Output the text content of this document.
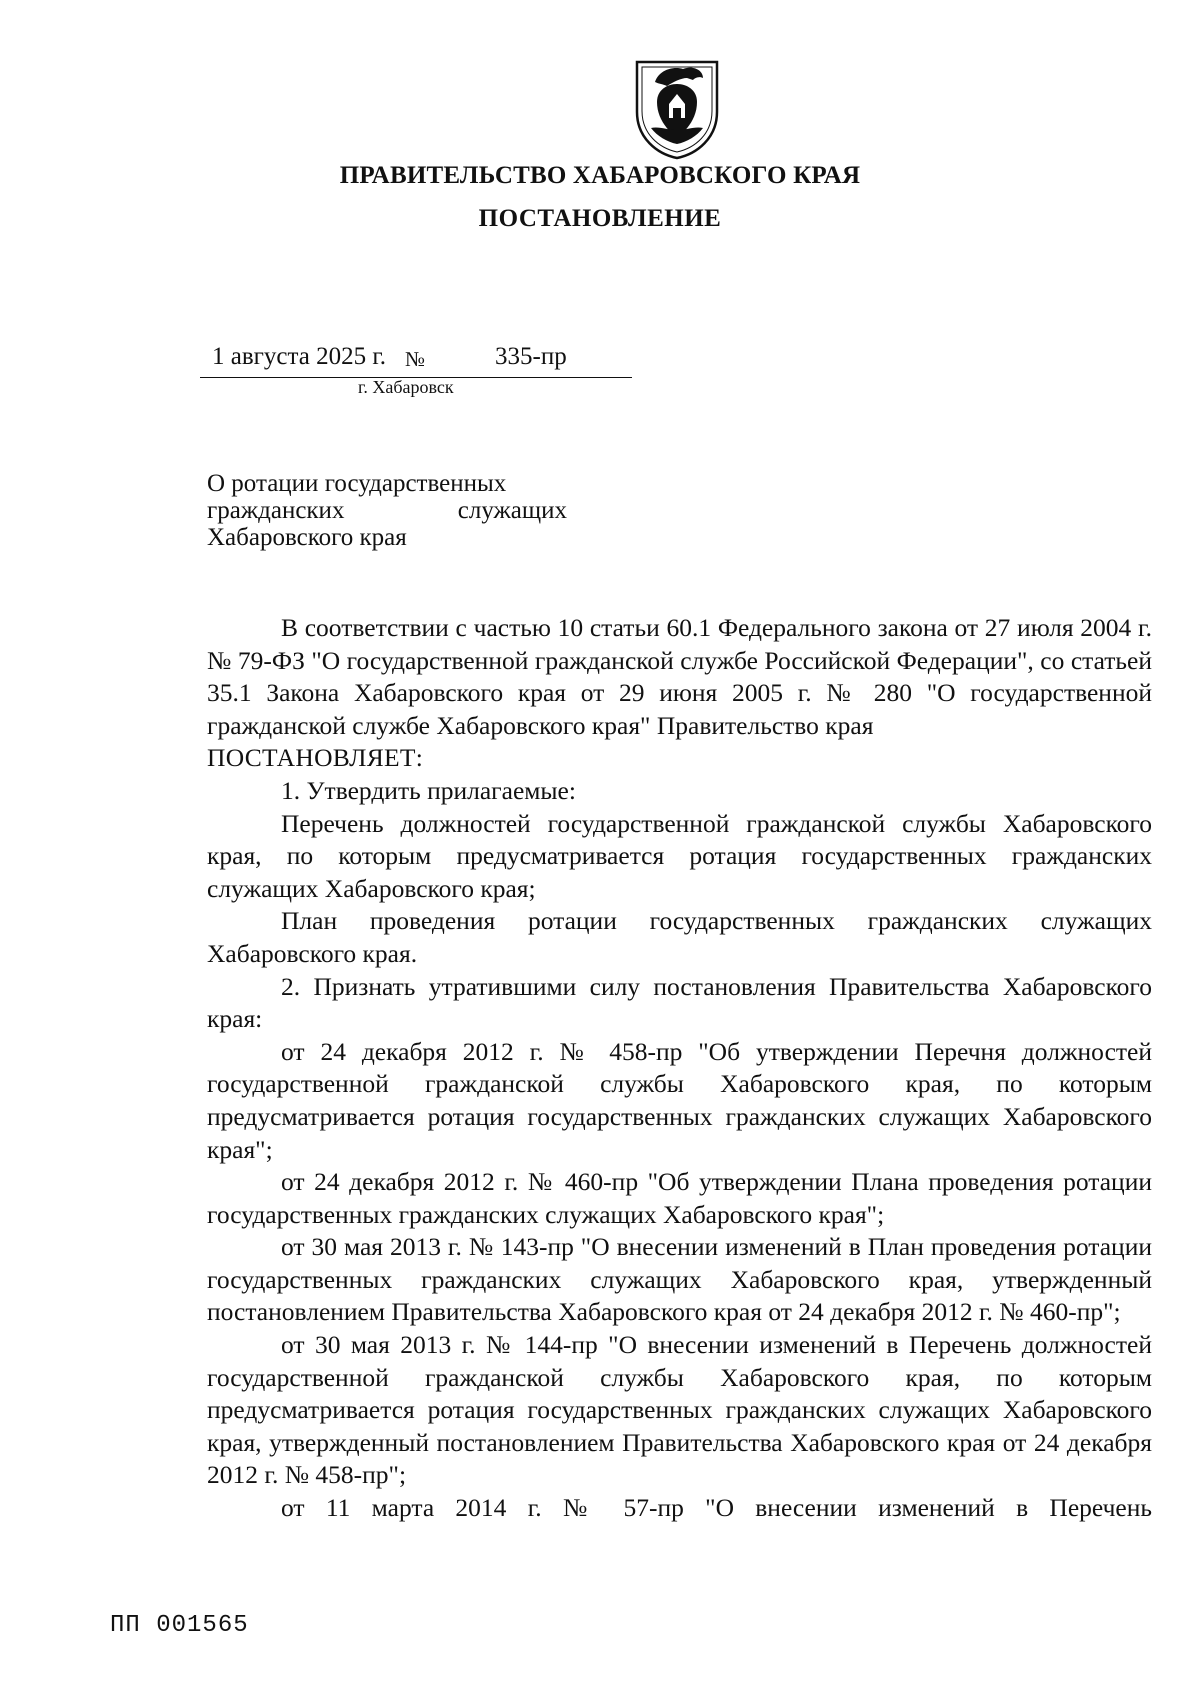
ПРАВИТЕЛЬСТВО ХАБАРОВСКОГО КРАЯ
ПОСТАНОВЛЕНИЕ
1 августа 2025 г. №	335-пр
г. Хабаровск
О ротации государственных
гражданских служащих
Хабаровского края

В соответствии с частью 10 статьи 60.1 Федерального закона от 27 июля 2004 г. № 79-ФЗ "О государственной гражданской службе Российской Федерации", со статьей 35.1 Закона Хабаровского края от 29 июня 2005 г. № 280 "О государственной гражданской службе Хабаровского края" Правительство края

ПОСТАНОВЛЯЕТ:

1. Утвердить прилагаемые:

Перечень должностей государственной гражданской службы Хабаровского края, по которым предусматривается ротация государственных гражданских служащих Хабаровского края;

План проведения ротации государственных гражданских служащих Хабаровского края.

2. Признать утратившими силу постановления Правительства Хабаровского края:

от 24 декабря 2012 г. № 458-пр "Об утверждении Перечня должностей государственной гражданской службы Хабаровского края, по которым предусматривается ротация государственных гражданских служащих Хабаровского края";

от 24 декабря 2012 г. № 460-пр "Об утверждении Плана проведения ротации государственных гражданских служащих Хабаровского края";

от 30 мая 2013 г. № 143-пр "О внесении изменений в План проведения ротации государственных гражданских служащих Хабаровского края, утвержденный постановлением Правительства Хабаровского края от 24 декабря 2012 г. № 460-пр";

от 30 мая 2013 г. № 144-пр "О внесении изменений в Перечень должностей государственной гражданской службы Хабаровского края, по которым предусматривается ротация государственных гражданских служащих Хабаровского края, утвержденный постановлением Правительства Хабаровского края от 24 декабря 2012 г. № 458-пр";

от 11 марта 2014 г. № 57-пр "О внесении изменений в Перечень

ПП 001565
